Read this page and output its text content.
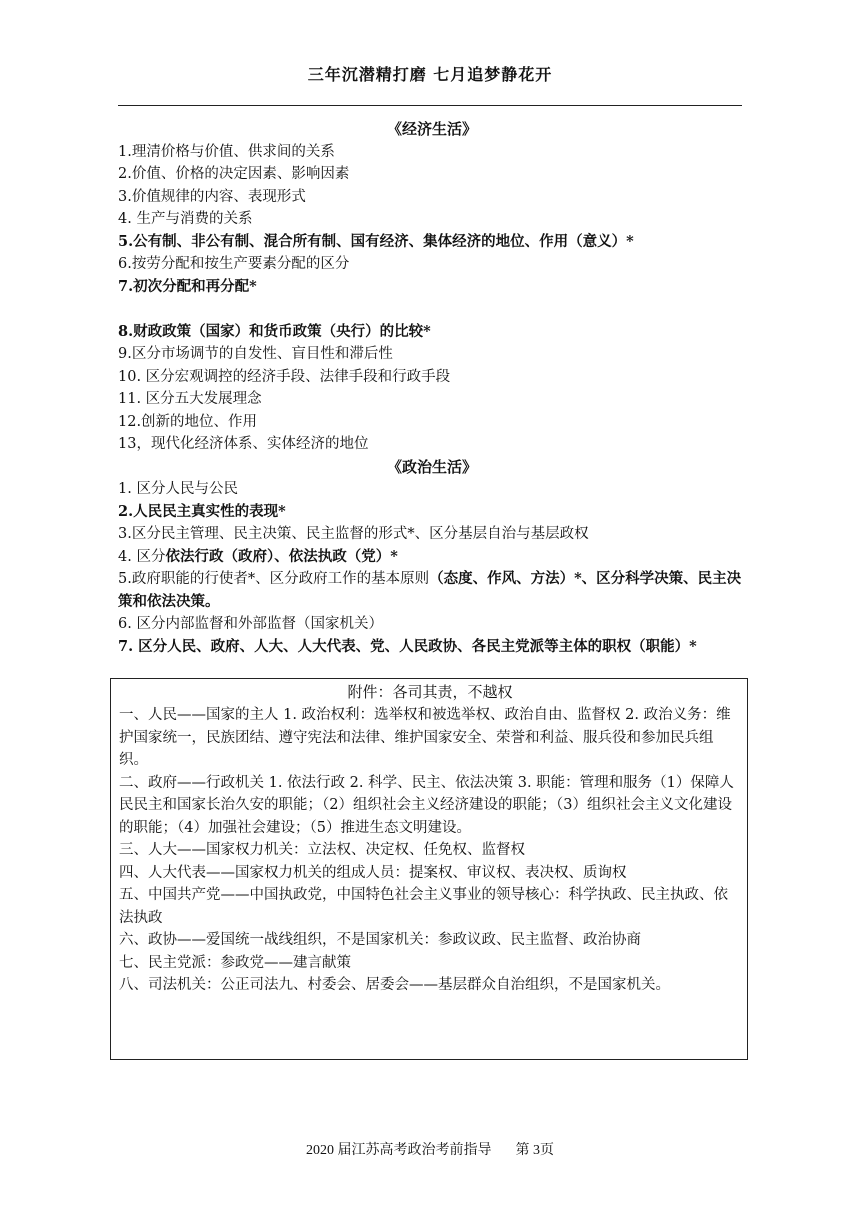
三年沉潜精打磨 七月追梦静花开
《经济生活》
1.理清价格与价值、供求间的关系
2.价值、价格的决定因素、影响因素
3.价值规律的内容、表现形式
4. 生产与消费的关系
5.公有制、非公有制、混合所有制、国有经济、集体经济的地位、作用（意义）*
6.按劳分配和按生产要素分配的区分
7.初次分配和再分配*
8.财政政策（国家）和货币政策（央行）的比较*
9.区分市场调节的自发性、盲目性和滞后性
10. 区分宏观调控的经济手段、法律手段和行政手段
11. 区分五大发展理念
12.创新的地位、作用
13，现代化经济体系、实体经济的地位
《政治生活》
1. 区分人民与公民
2.人民民主真实性的表现*
3.区分民主管理、民主决策、民主监督的形式*、区分基层自治与基层政权
4. 区分依法行政（政府）、依法执政（党）*
5.政府职能的行使者*、区分政府工作的基本原则（态度、作风、方法）*、区分科学决策、民主决策和依法决策。
6. 区分内部监督和外部监督（国家机关）
7. 区分人民、政府、人大、人大代表、党、人民政协、各民主党派等主体的职权（职能）*
附件：各司其责，不越权

一、人民——国家的主人 1. 政治权利：选举权和被选举权、政治自由、监督权 2. 政治义务：维护国家统一，民族团结、遵守宪法和法律、维护国家安全、荣誉和利益、服兵役和参加民兵组织。

二、政府——行政机关 1. 依法行政 2. 科学、民主、依法决策 3. 职能：管理和服务（1）保障人民民主和国家长治久安的职能；（2）组织社会主义经济建设的职能；（3）组织社会主义文化建设的职能；（4）加强社会建设；（5）推进生态文明建设。

三、人大——国家权力机关：立法权、决定权、任免权、监督权

四、人大代表——国家权力机关的组成人员：提案权、审议权、表决权、质询权

五、中国共产党——中国执政党，中国特色社会主义事业的领导核心：科学执政、民主执政、依法执政

六、政协——爱国统一战线组织，不是国家机关：参政议政、民主监督、政治协商

七、民主党派：参政党——建言献策

八、司法机关：公正司法九、村委会、居委会——基层群众自治组织，不是国家机关。

2020 届江苏高考政治考前指导 第 3页
